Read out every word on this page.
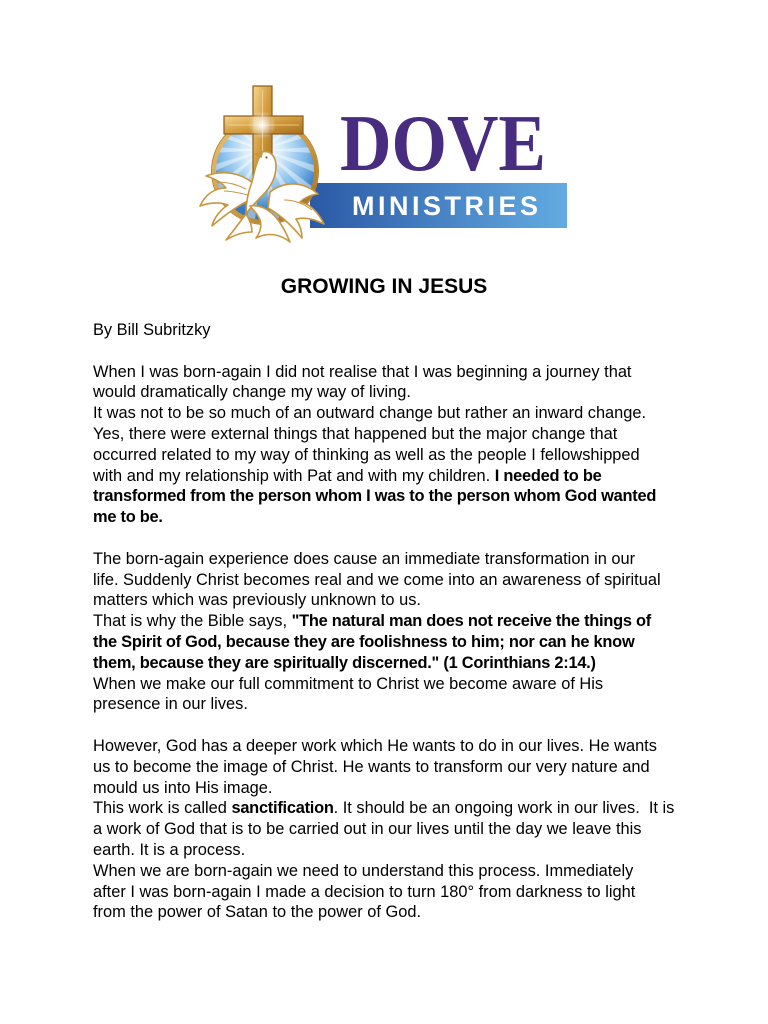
MINISTRIES
DOVE
GROWING IN JESUS
By Bill Subritzky
When I was born-again I did not realise that I was beginning a journey that
would dramatically change my way of living.
It was not to be so much of an outward change but rather an inward change.
Yes, there were external things that happened but the major change that
occurred related to my way of thinking as well as the people I fellowshipped
with and my relationship with Pat and with my children. I needed to be
transformed from the person whom I was to the person whom God wanted
me to be.
The born-again experience does cause an immediate transformation in our
life. Suddenly Christ becomes real and we come into an awareness of spiritual
matters which was previously unknown to us.
That is why the Bible says, "The natural man does not receive the things of
the Spirit of God, because they are foolishness to him; nor can he know
them, because they are spiritually discerned." (1 Corinthians 2:14.)
When we make our full commitment to Christ we become aware of His
presence in our lives.
However, God has a deeper work which He wants to do in our lives. He wants
us to become the image of Christ. He wants to transform our very nature and
mould us into His image.
This work is called sanctification. It should be an ongoing work in our lives.  It is
a work of God that is to be carried out in our lives until the day we leave this
earth. It is a process.
When we are born-again we need to understand this process. Immediately
after I was born-again I made a decision to turn 180° from darkness to light
from the power of Satan to the power of God.
